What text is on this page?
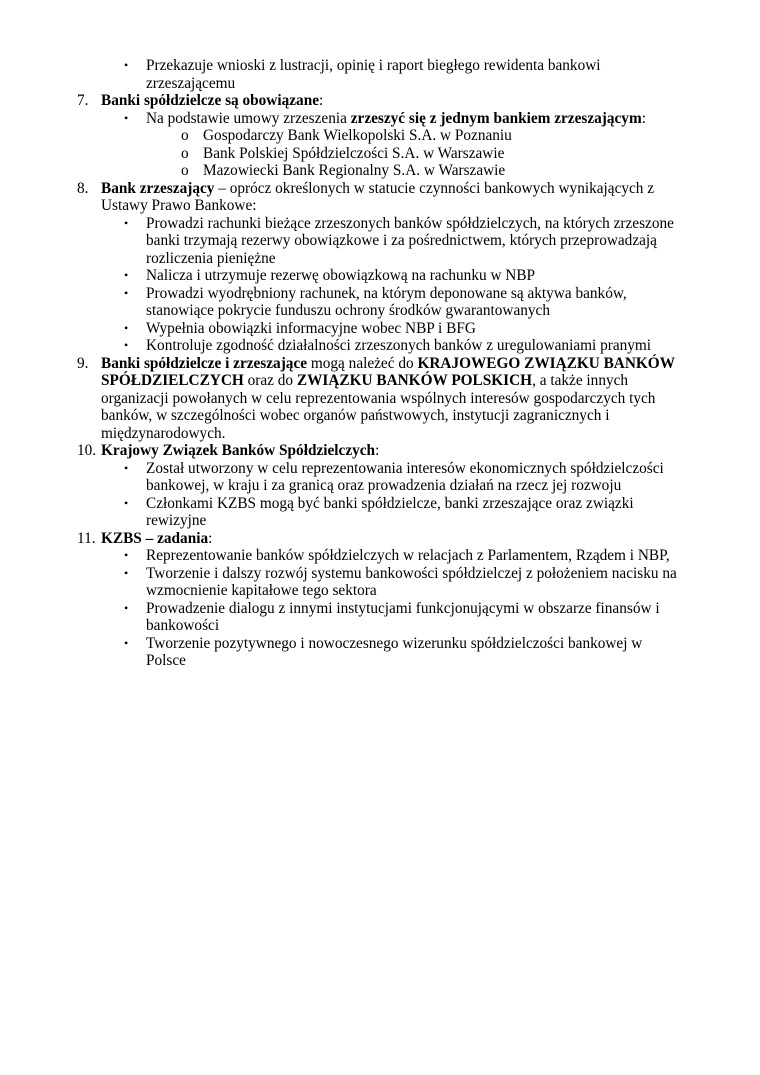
• Przekazuje wnioski z lustracji, opinię i raport biegłego rewidenta bankowi
zrzeszającemu
7. Banki spółdzielcze są obowiązane:
• Na podstawie umowy zrzeszenia zrzeszyć się z jednym bankiem zrzeszającym:
o Gospodarczy Bank Wielkopolski S.A. w Poznaniu
o Bank Polskiej Spółdzielczości S.A. w Warszawie
o Mazowiecki Bank Regionalny S.A. w Warszawie
8. Bank zrzeszający – oprócz określonych w statucie czynności bankowych wynikających z
Ustawy Prawo Bankowe:
• Prowadzi rachunki bieżące zrzeszonych banków spółdzielczych, na których zrzeszone
banki trzymają rezerwy obowiązkowe i za pośrednictwem, których przeprowadzają
rozliczenia pieniężne
• Nalicza i utrzymuje rezerwę obowiązkową na rachunku w NBP
• Prowadzi wyodrębniony rachunek, na którym deponowane są aktywa banków,
stanowiące pokrycie funduszu ochrony środków gwarantowanych
• Wypełnia obowiązki informacyjne wobec NBP i BFG
• Kontroluje zgodność działalności zrzeszonych banków z uregulowaniami pranymi
9. Banki spółdzielcze i zrzeszające mogą należeć do KRAJOWEGO ZWIĄZKU BANKÓW
SPÓŁDZIELCZYCH oraz do ZWIĄZKU BANKÓW POLSKICH, a także innych
organizacji powołanych w celu reprezentowania wspólnych interesów gospodarczych tych
banków, w szczególności wobec organów państwowych, instytucji zagranicznych i
międzynarodowych.
10. Krajowy Związek Banków Spółdzielczych:
• Został utworzony w celu reprezentowania interesów ekonomicznych spółdzielczości
bankowej, w kraju i za granicą oraz prowadzenia działań na rzecz jej rozwoju
• Członkami KZBS mogą być banki spółdzielcze, banki zrzeszające oraz związki
rewizyjne
11. KZBS – zadania:
• Reprezentowanie banków spółdzielczych w relacjach z Parlamentem, Rządem i NBP,
• Tworzenie i dalszy rozwój systemu bankowości spółdzielczej z położeniem nacisku na
wzmocnienie kapitałowe tego sektora
• Prowadzenie dialogu z innymi instytucjami funkcjonującymi w obszarze finansów i
bankowości
• Tworzenie pozytywnego i nowoczesnego wizerunku spółdzielczości bankowej w
Polsce
